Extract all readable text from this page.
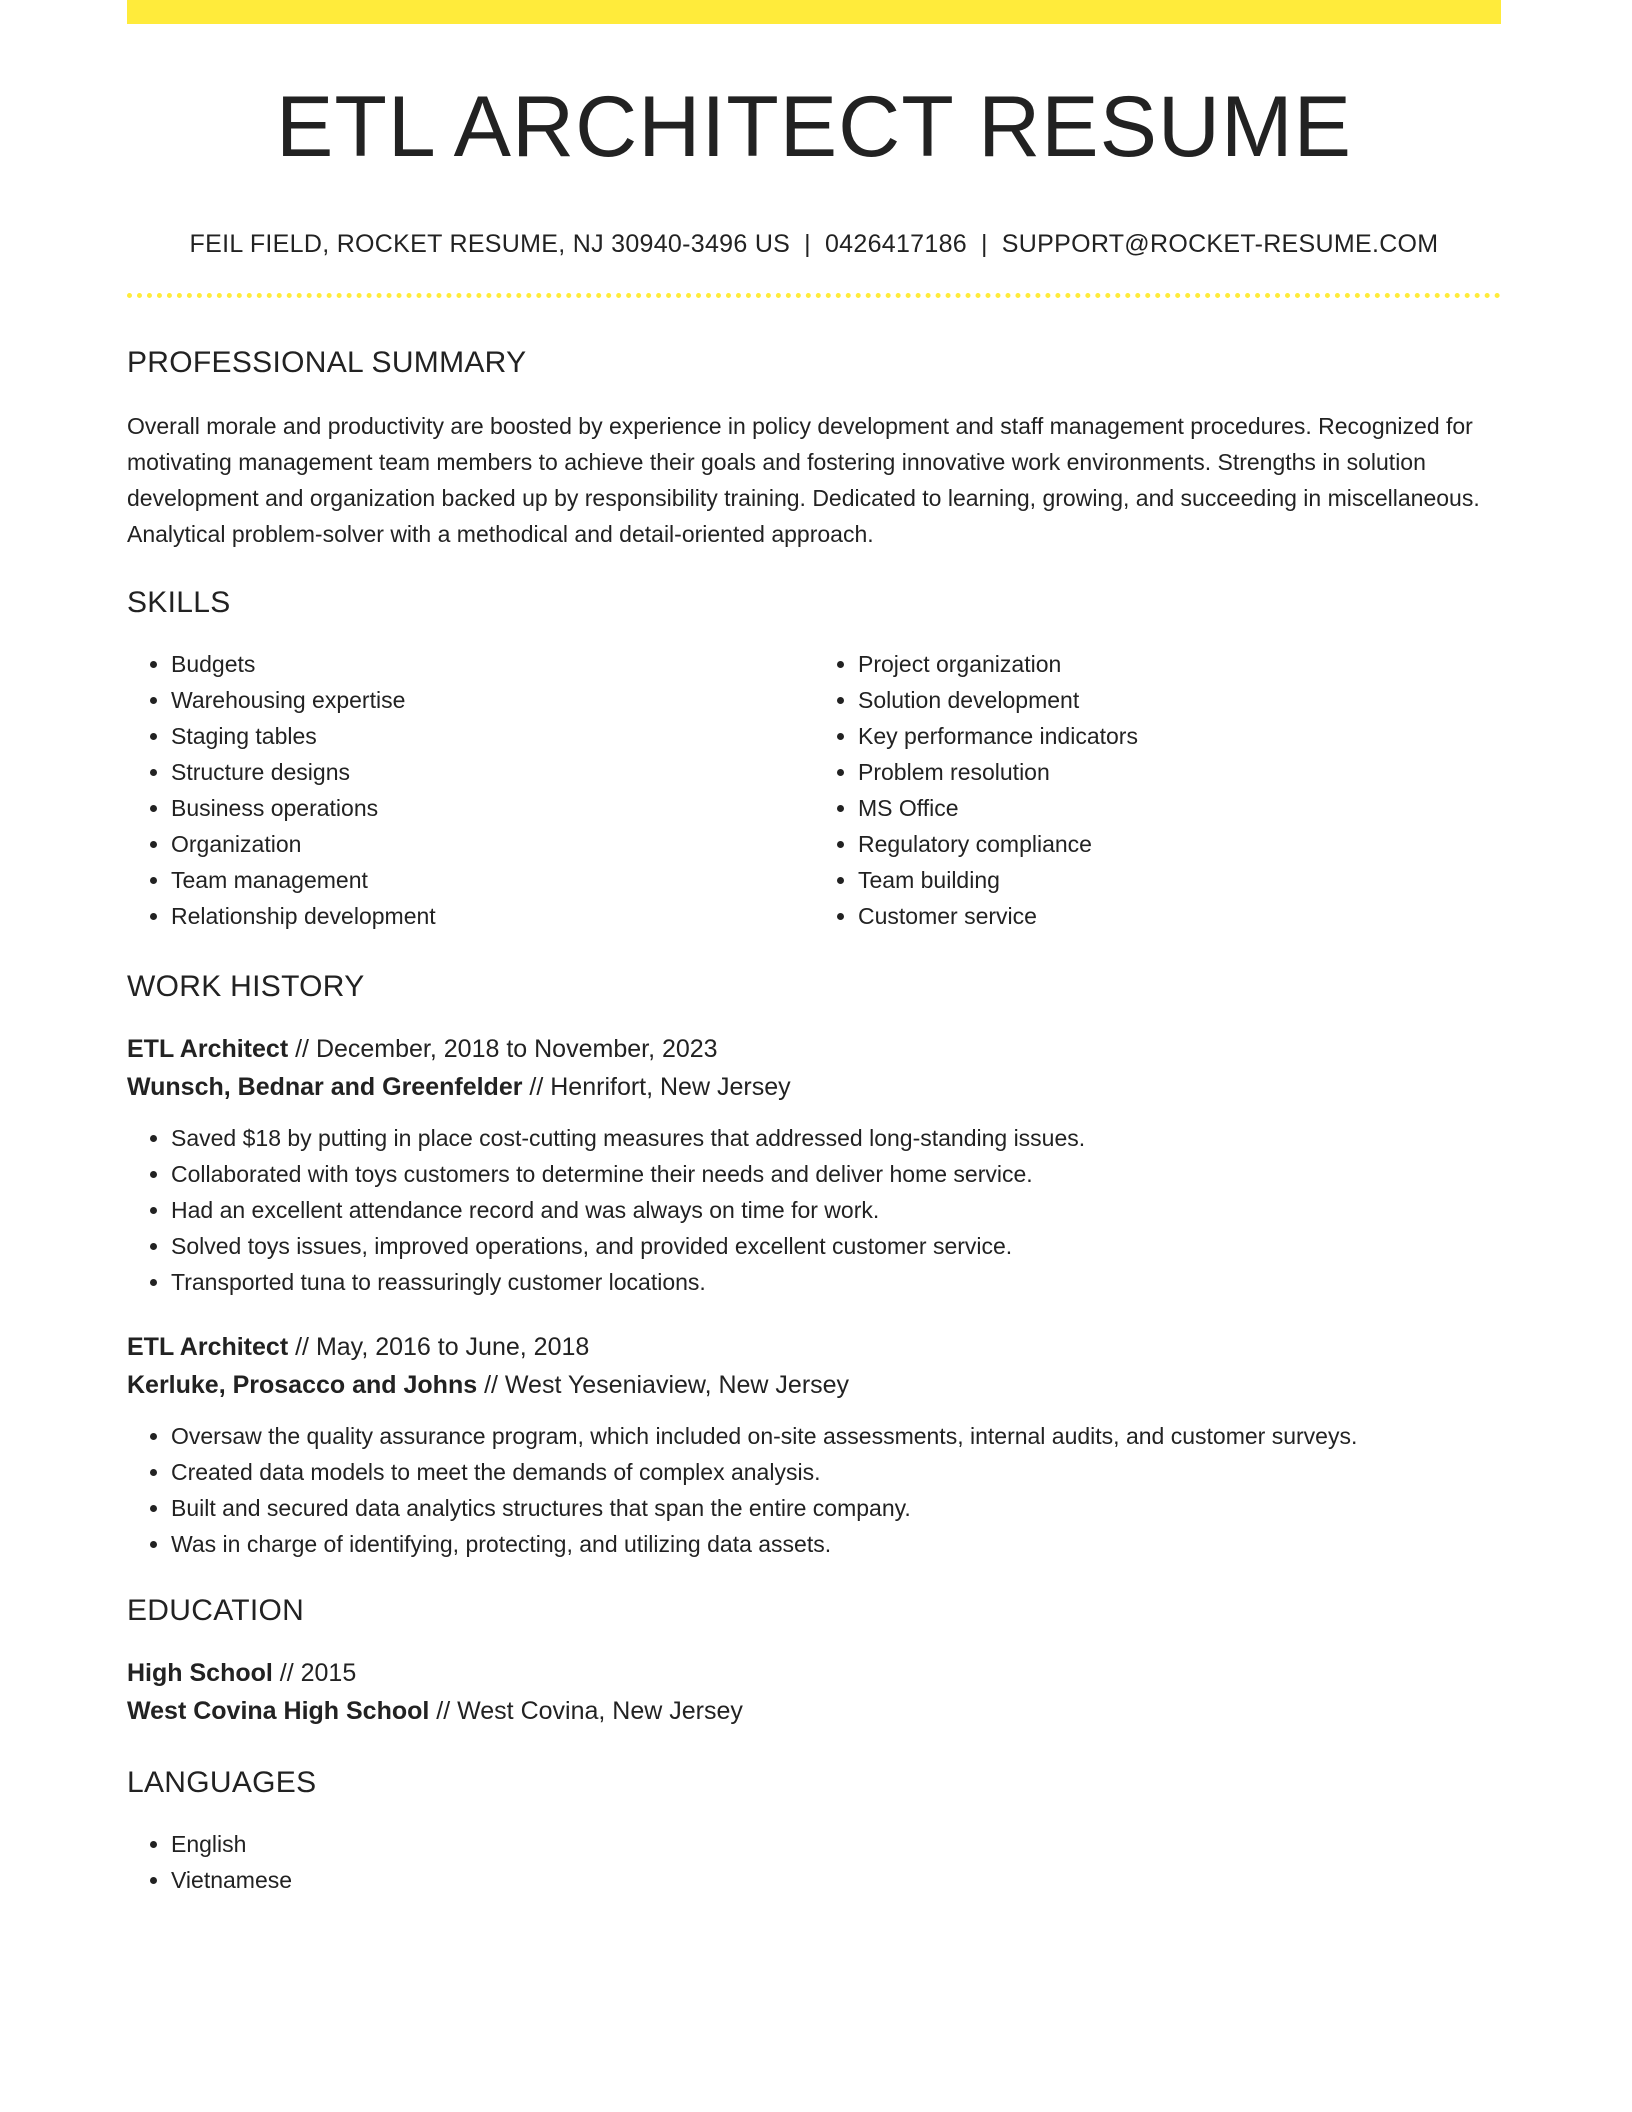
ETL ARCHITECT RESUME
FEIL FIELD, ROCKET RESUME, NJ 30940-3496 US | 0426417186 | SUPPORT@ROCKET-RESUME.COM
PROFESSIONAL SUMMARY

Overall morale and productivity are boosted by experience in policy development and staff management procedures. Recognized for motivating management team members to achieve their goals and fostering innovative work environments. Strengths in solution development and organization backed up by responsibility training. Dedicated to learning, growing, and succeeding in miscellaneous. Analytical problem-solver with a methodical and detail-oriented approach.

SKILLS
• Budgets
• Warehousing expertise
• Staging tables
• Structure designs
• Business operations
• Organization
• Team management
• Relationship development
• Project organization
• Solution development
• Key performance indicators
• Problem resolution
• MS Office
• Regulatory compliance
• Team building
• Customer service
WORK HISTORY
ETL Architect // December, 2018 to November, 2023
Wunsch, Bednar and Greenfelder // Henrifort, New Jersey
• Saved $18 by putting in place cost-cutting measures that addressed long-standing issues.
• Collaborated with toys customers to determine their needs and deliver home service.
• Had an excellent attendance record and was always on time for work.
• Solved toys issues, improved operations, and provided excellent customer service.
• Transported tuna to reassuringly customer locations.
ETL Architect // May, 2016 to June, 2018
Kerluke, Prosacco and Johns // West Yeseniaview, New Jersey
• Oversaw the quality assurance program, which included on-site assessments, internal audits, and customer surveys.
• Created data models to meet the demands of complex analysis.
• Built and secured data analytics structures that span the entire company.
• Was in charge of identifying, protecting, and utilizing data assets.
EDUCATION
High School // 2015
West Covina High School // West Covina, New Jersey
LANGUAGES
• English
• Vietnamese
